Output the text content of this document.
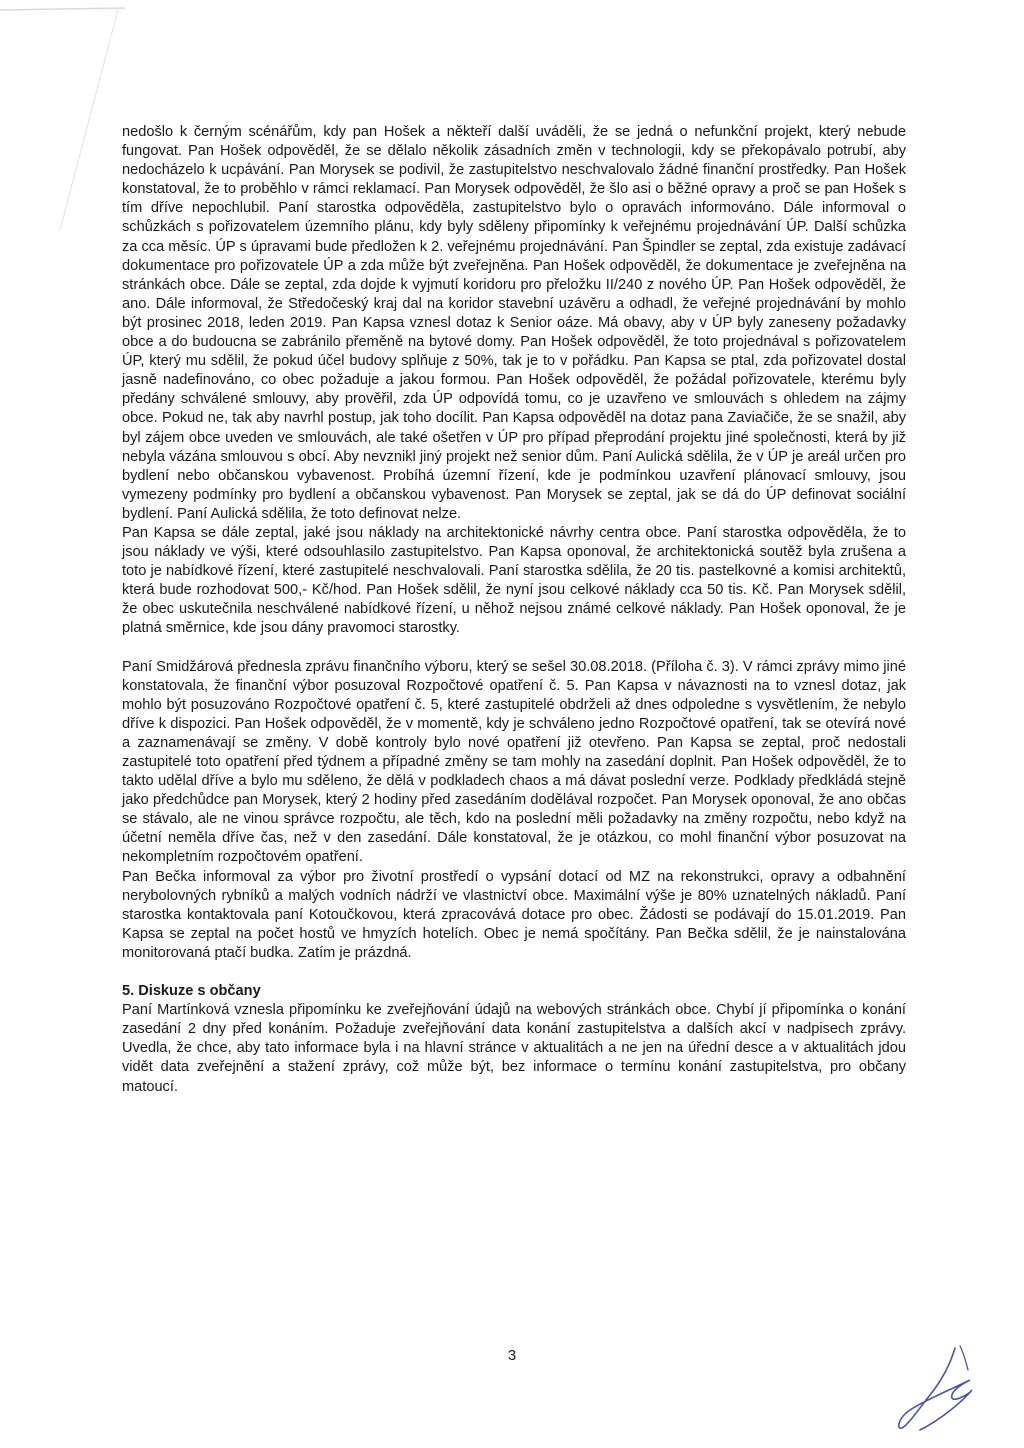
nedošlo k černým scénářům, kdy pan Hošek a někteří další uváděli, že se jedná o nefunkční projekt, který nebude fungovat. Pan Hošek odpověděl, že se dělalo několik zásadních změn v technologii, kdy se překopávalo potrubí, aby nedocházelo k ucpávání. Pan Morysek se podivil, že zastupitelstvo neschvalovalo žádné finanční prostředky. Pan Hošek konstatoval, že to proběhlo v rámci reklamací. Pan Morysek odpověděl, že šlo asi o běžné opravy a proč se pan Hošek s tím dříve nepochlubil. Paní starostka odpověděla, zastupitelstvo bylo o opravách informováno. Dále informoval o schůzkách s pořizovatelem územního plánu, kdy byly sděleny připomínky k veřejnému projednávání ÚP. Další schůzka za cca měsíc. ÚP s úpravami bude předložen k 2. veřejnému projednávání. Pan Špindler se zeptal, zda existuje zadávací dokumentace pro pořizovatele ÚP a zda může být zveřejněna. Pan Hošek odpověděl, že dokumentace je zveřejněna na stránkách obce. Dále se zeptal, zda dojde k vyjmutí koridoru pro přeložku II/240 z nového ÚP. Pan Hošek odpověděl, že ano. Dále informoval, že Středočeský kraj dal na koridor stavební uzávěru a odhadl, že veřejné projednávání by mohlo být prosinec 2018, leden 2019. Pan Kapsa vznesl dotaz k Senior oáze. Má obavy, aby v ÚP byly zaneseny požadavky obce a do budoucna se zabránilo přeměně na bytové domy. Pan Hošek odpověděl, že toto projednával s pořizovatelem ÚP, který mu sdělil, že pokud účel budovy splňuje z 50%, tak je to v pořádku. Pan Kapsa se ptal, zda pořizovatel dostal jasně nadefinováno, co obec požaduje a jakou formou. Pan Hošek odpověděl, že požádal pořizovatele, kterému byly předány schválené smlouvy, aby prověřil, zda ÚP odpovídá tomu, co je uzavřeno ve smlouvách s ohledem na zájmy obce. Pokud ne, tak aby navrhl postup, jak toho docílit. Pan Kapsa odpověděl na dotaz pana Zaviačiče, že se snažil, aby byl zájem obce uveden ve smlouvách, ale také ošetřen v ÚP pro případ přeprodání projektu jiné společnosti, která by již nebyla vázána smlouvou s obcí. Aby nevznikl jiný projekt než senior dům. Paní Aulická sdělila, že v ÚP je areál určen pro bydlení nebo občanskou vybavenost. Probíhá územní řízení, kde je podmínkou uzavření plánovací smlouvy, jsou vymezeny podmínky pro bydlení a občanskou vybavenost. Pan Morysek se zeptal, jak se dá do ÚP definovat sociální bydlení. Paní Aulická sdělila, že toto definovat nelze.

Pan Kapsa se dále zeptal, jaké jsou náklady na architektonické návrhy centra obce. Paní starostka odpověděla, že to jsou náklady ve výši, které odsouhlasilo zastupitelstvo. Pan Kapsa oponoval, že architektonická soutěž byla zrušena a toto je nabídkové řízení, které zastupitelé neschvalovali. Paní starostka sdělila, že 20 tis. pastelkovné a komisi architektů, která bude rozhodovat 500,- Kč/hod. Pan Hošek sdělil, že nyní jsou celkové náklady cca 50 tis. Kč. Pan Morysek sdělil, že obec uskutečnila neschválené nabídkové řízení, u něhož nejsou známé celkové náklady. Pan Hošek oponoval, že je platná směrnice, kde jsou dány pravomoci starostky.

Paní Smidžárová přednesla zprávu finančního výboru, který se sešel 30.08.2018. (Příloha č. 3). V rámci zprávy mimo jiné konstatovala, že finanční výbor posuzoval Rozpočtové opatření č. 5. Pan Kapsa v návaznosti na to vznesl dotaz, jak mohlo být posuzováno Rozpočtové opatření č. 5, které zastupitelé obdrželi až dnes odpoledne s vysvětlením, že nebylo dříve k dispozici. Pan Hošek odpověděl, že v momentě, kdy je schváleno jedno Rozpočtové opatření, tak se otevírá nové a zaznamenávají se změny. V době kontroly bylo nové opatření již otevřeno. Pan Kapsa se zeptal, proč nedostali zastupitelé toto opatření před týdnem a případné změny se tam mohly na zasedání doplnit. Pan Hošek odpověděl, že to takto udělal dříve a bylo mu sděleno, že dělá v podkladech chaos a má dávat poslední verze. Podklady předkládá stejně jako předchůdce pan Morysek, který 2 hodiny před zasedáním dodělával rozpočet. Pan Morysek oponoval, že ano občas se stávalo, ale ne vinou správce rozpočtu, ale těch, kdo na poslední měli požadavky na změny rozpočtu, nebo když na účetní neměla dříve čas, než v den zasedání. Dále konstatoval, že je otázkou, co mohl finanční výbor posuzovat na nekompletním rozpočtovém opatření.

Pan Bečka informoval za výbor pro životní prostředí o vypsání dotací od MZ na rekonstrukci, opravy a odbahnění nerybolovných rybníků a malých vodních nádrží ve vlastnictví obce. Maximální výše je 80% uznatelných nákladů. Paní starostka kontaktovala paní Kotoučkovou, která zpracovává dotace pro obec. Žádosti se podávají do 15.01.2019. Pan Kapsa se zeptal na počet hostů ve hmyzích hotelích. Obec je nemá spočítány. Pan Bečka sdělil, že je nainstalována monitorovaná ptačí budka. Zatím je prázdná.

5. Diskuze s občany

Paní Martínková vznesla připomínku ke zveřejňování údajů na webových stránkách obce. Chybí jí připomínka o konání zasedání 2 dny před konáním. Požaduje zveřejňování data konání zastupitelstva a dalších akcí v nadpisech zprávy. Uvedla, že chce, aby tato informace byla i na hlavní stránce v aktualitách a ne jen na úřední desce a v aktualitách jdou vidět data zveřejnění a stažení zprávy, což může být, bez informace o termínu konání zastupitelstva, pro občany matoucí.

3
